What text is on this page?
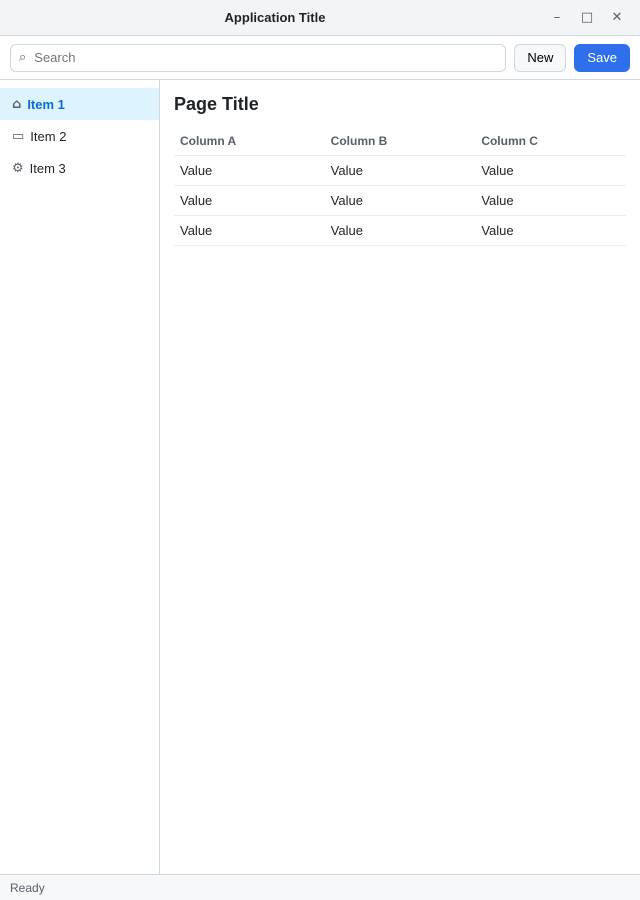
Application Title	–	□	✕
⌕
Search	New	Save
⌂ Item 1
▭ Item 2
⚙ Item 3
Page Title
Column A	Column B	Column C
Value	Value	Value
Value	Value	Value
Value	Value	Value
Ready
